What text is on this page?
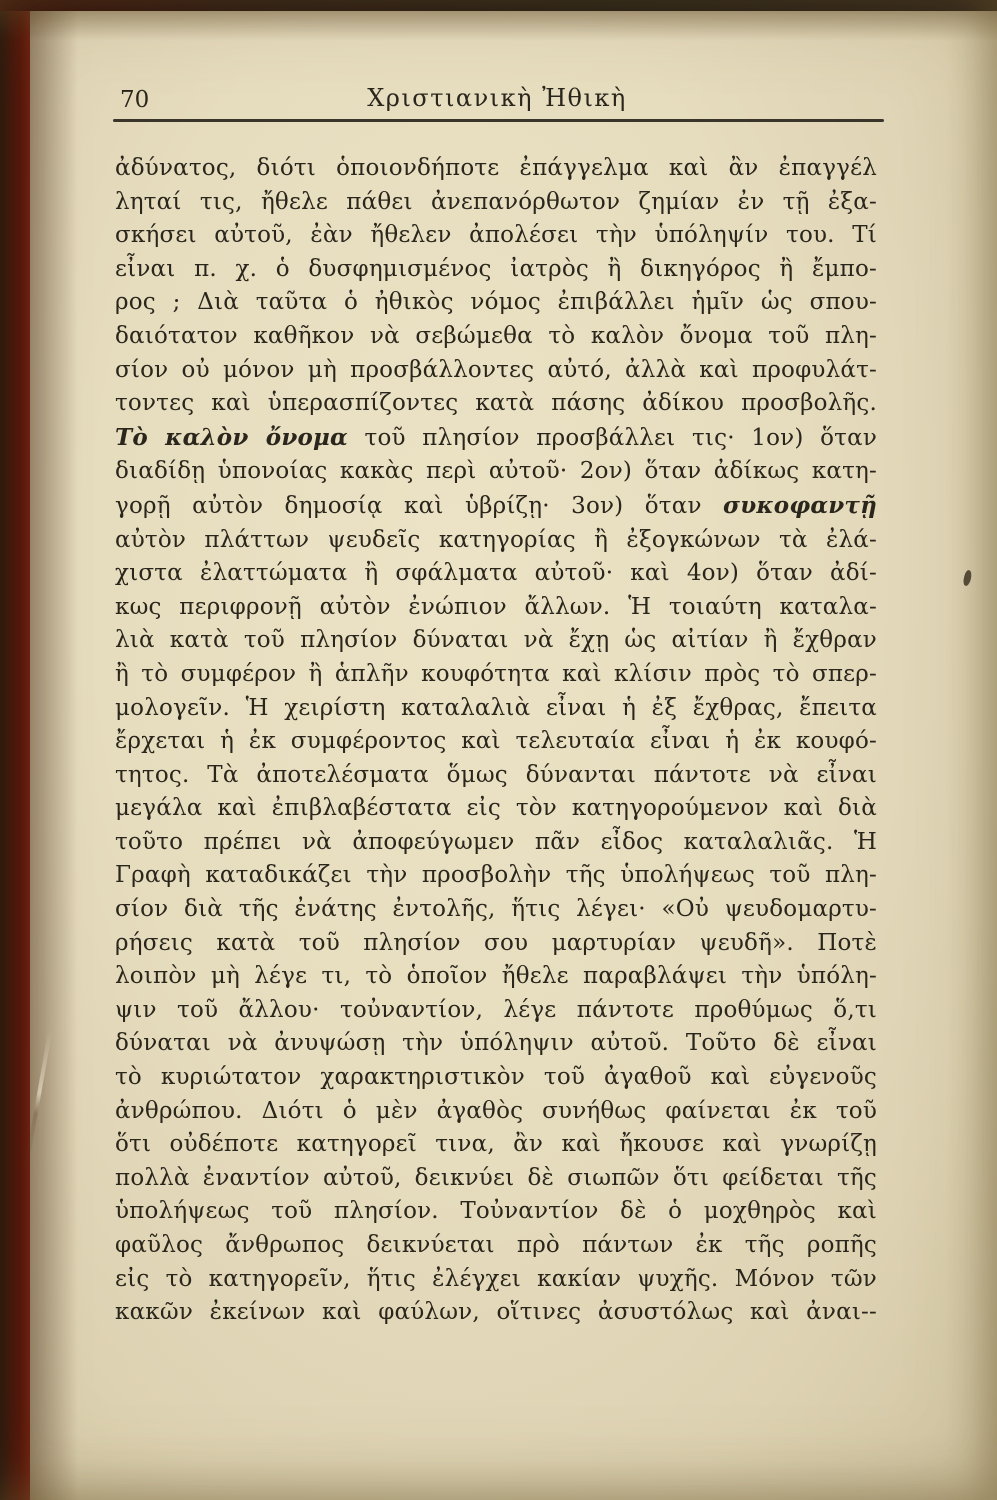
70	Χριστιανικὴ Ἠθικὴ
ἀδύνατος, διότι ὁποιονδήποτε ἐπάγγελμα καὶ ἂν ἐπαγγέλ
ληταί τις, ἤθελε πάθει ἀνεπανόρθωτον ζημίαν ἐν τῇ ἐξα-
σκήσει αὐτοῦ, ἐὰν ἤθελεν ἀπολέσει τὴν ὑπόληψίν του. Τί
εἶναι π. χ. ὁ δυσφημισμένος ἰατρὸς ἢ δικηγόρος ἢ ἔμπο-
ρος ; Διὰ ταῦτα ὁ ἠθικὸς νόμος ἐπιβάλλει ἡμῖν ὡς σπου-
δαιότατον καθῆκον νὰ σεβώμεθα τὸ καλὸν ὄνομα τοῦ πλη-
σίον οὐ μόνον μὴ προσβάλλοντες αὐτό, ἀλλὰ καὶ προφυλάτ-
τοντες καὶ ὑπερασπίζοντες κατὰ πάσης ἀδίκου προσβολῆς.
Τὸ καλὸν ὄνομα τοῦ πλησίον προσβάλλει τις· 1ον) ὅταν
διαδίδῃ ὑπονοίας κακὰς περὶ αὐτοῦ· 2ον) ὅταν ἀδίκως κατη-
γορῇ αὐτὸν δημοσίᾳ καὶ ὑβρίζῃ· 3ον) ὅταν συκοφαντῇ
αὐτὸν πλάττων ψευδεῖς κατηγορίας ἢ ἐξογκώνων τὰ ἐλά-
χιστα ἐλαττώματα ἢ σφάλματα αὐτοῦ· καὶ 4ον) ὅταν ἀδί-
κως περιφρονῇ αὐτὸν ἐνώπιον ἄλλων. Ἡ τοιαύτη καταλα-
λιὰ κατὰ τοῦ πλησίον δύναται νὰ ἔχῃ ὡς αἰτίαν ἢ ἔχθραν
ἢ τὸ συμφέρον ἢ ἁπλῆν κουφότητα καὶ κλίσιν πρὸς τὸ σπερ-
μολογεῖν. Ἡ χειρίστη καταλαλιὰ εἶναι ἡ ἐξ ἔχθρας, ἔπειτα
ἔρχεται ἡ ἐκ συμφέροντος καὶ τελευταία εἶναι ἡ ἐκ κουφό-
τητος. Τὰ ἀποτελέσματα ὅμως δύνανται πάντοτε νὰ εἶναι
μεγάλα καὶ ἐπιβλαβέστατα εἰς τὸν κατηγορούμενον καὶ διὰ
τοῦτο πρέπει νὰ ἀποφεύγωμεν πᾶν εἶδος καταλαλιᾶς. Ἡ
Γραφὴ καταδικάζει τὴν προσβολὴν τῆς ὑπολήψεως τοῦ πλη-
σίον διὰ τῆς ἐνάτης ἐντολῆς, ἥτις λέγει· «Οὐ ψευδομαρτυ-
ρήσεις κατὰ τοῦ πλησίον σου μαρτυρίαν ψευδῆ». Ποτὲ
λοιπὸν μὴ λέγε τι, τὸ ὁποῖον ἤθελε παραβλάψει τὴν ὑπόλη-
ψιν τοῦ ἄλλου· τοὐναντίον, λέγε πάντοτε προθύμως ὅ,τι
δύναται νὰ ἀνυψώσῃ τὴν ὑπόληψιν αὐτοῦ. Τοῦτο δὲ εἶναι
τὸ κυριώτατον χαρακτηριστικὸν τοῦ ἀγαθοῦ καὶ εὐγενοῦς
ἀνθρώπου. Διότι ὁ μὲν ἀγαθὸς συνήθως φαίνεται ἐκ τοῦ
ὅτι οὐδέποτε κατηγορεῖ τινα, ἂν καὶ ἤκουσε καὶ γνωρίζῃ
πολλὰ ἐναντίον αὐτοῦ, δεικνύει δὲ σιωπῶν ὅτι φείδεται τῆς
ὑπολήψεως τοῦ πλησίον. Τοὐναντίον δὲ ὁ μοχθηρὸς καὶ
φαῦλος ἄνθρωπος δεικνύεται πρὸ πάντων ἐκ τῆς ροπῆς
εἰς τὸ κατηγορεῖν, ἥτις ἐλέγχει κακίαν ψυχῆς. Μόνον τῶν
κακῶν ἐκείνων καὶ φαύλων, οἵτινες ἀσυστόλως καὶ ἀναι--
